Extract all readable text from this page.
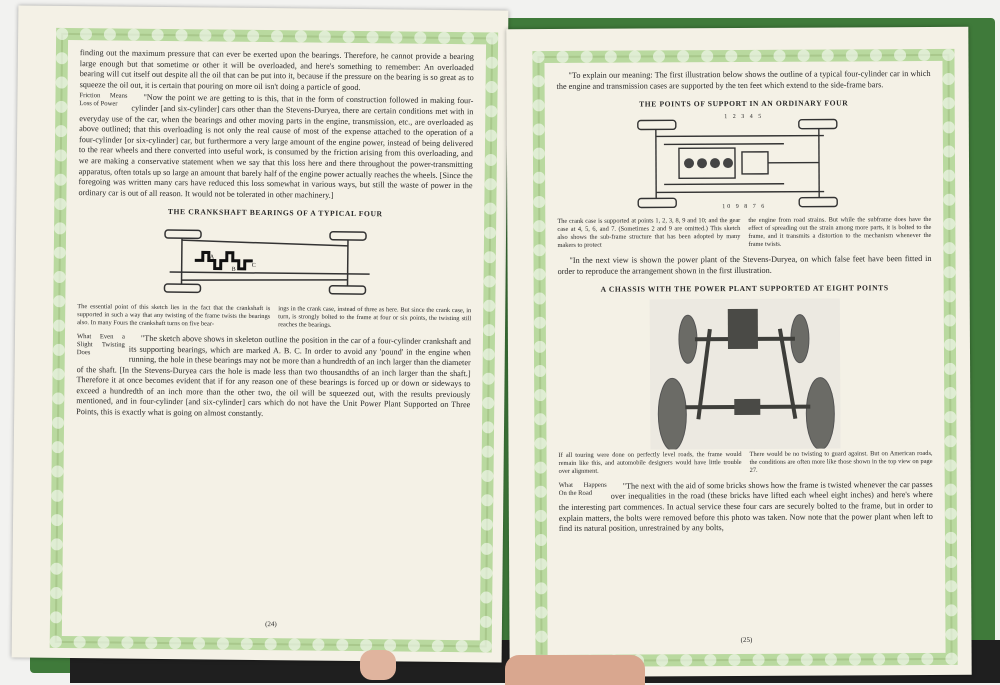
finding out the maximum pressure that can ever be exerted upon the bearings. Therefore, he cannot provide a bearing large enough but that sometime or other it will be overloaded, and here's something to remember: An overloaded bearing will cut itself out despite all the oil that can be put into it, because if the pressure on the bearing is so great as to squeeze the oil out, it is certain that pouring on more oil isn't doing a particle of good.

Friction Means Loss of Power	"Now the point we are getting to is this, that in the form of construction followed in making four-cylinder [and six-cylinder] cars other than the Stevens-Duryea, there are certain conditions met with in everyday use of the car, when the bearings and other moving parts in the engine, transmission, etc., are overloaded as above outlined; that this overloading is not only the real cause of most of the expense attached to the operation of a four-cylinder [or six-cylinder] car, but furthermore a very large amount of the engine power, instead of being delivered to the rear wheels and there converted into useful work, is consumed by the friction arising from this overloading, and we are making a conservative statement when we say that this loss here and there throughout the power-transmitting apparatus, often totals up so large an amount that barely half of the engine power actually reaches the wheels. [Since the foregoing was written many cars have reduced this loss somewhat in various ways, but still the waste of power in the ordinary car is out of all reason. It would not be tolerated in other machinery.]

THE CRANKSHAFT BEARINGS OF A TYPICAL FOUR
A
B
C
The essential point of this sketch lies in the fact that the crankshaft is supported in such a way that any twisting of the frame twists the bearings also. In many Fours the crankshaft turns on five bear-
ings in the crank case, instead of three as here. But since the crank case, in turn, is strongly bolted to the frame at four or six points, the twisting still reaches the bearings.

What Even a Slight Twisting Does
"The sketch above shows in skeleton outline the position in the car of a four-cylinder crankshaft and its supporting bearings, which are marked A. B. C. In order to avoid any 'pound' in the engine when running, the hole in these bearings may not be more than a hundredth of an inch larger than the diameter of the shaft. [In the Stevens-Duryea cars the hole is made less than two thousandths of an inch larger than the shaft.] Therefore it at once becomes evident that if for any reason one of these bearings is forced up or down or sideways to exceed a hundredth of an inch more than the other two, the oil will be squeezed out, with the results previously mentioned, and in four-cylinder [and six-cylinder] cars which do not have the Unit Power Plant Supported on Three Points, this is exactly what is going on almost constantly.

(24)

"To explain our meaning: The first illustration below shows the outline of a typical four-cylinder car in which the engine and transmission cases are supported by the ten feet which extend to the side-frame bars.

THE POINTS OF SUPPORT IN AN ORDINARY FOUR
1 2 3 4 5
10 9 8 7 6
The crank case is supported at points 1, 2, 3, 8, 9 and 10; and the gear case at 4, 5, 6, and 7. (Sometimes 2 and 9 are omitted.) This sketch also shows the sub-frame structure that has been adopted by many makers to protect
the engine from road strains. But while the subframe does have the effect of spreading out the strain among more parts, it is bolted to the frame, and it transmits a distortion to the mechanism whenever the frame twists.

"In the next view is shown the power plant of the Stevens-Duryea, on which false feet have been fitted in order to reproduce the arrangement shown in the first illustration.

A CHASSIS WITH THE POWER PLANT SUPPORTED AT EIGHT POINTS
If all touring were done on perfectly level roads, the frame would remain like this, and automobile designers would have little trouble over alignment.
There would be no twisting to guard against. But on American roads, the conditions are often more like those shown in the top view on page 27.

What Happens On the Road
"The next with the aid of some bricks shows how the frame is twisted whenever the car passes over inequalities in the road (these bricks have lifted each wheel eight inches) and here's where the interesting part commences. In actual service these four cars are securely bolted to the frame, but in order to explain matters, the bolts were removed before this photo was taken. Now note that the power plant when left to find its natural position, unrestrained by any bolts,

(25)
